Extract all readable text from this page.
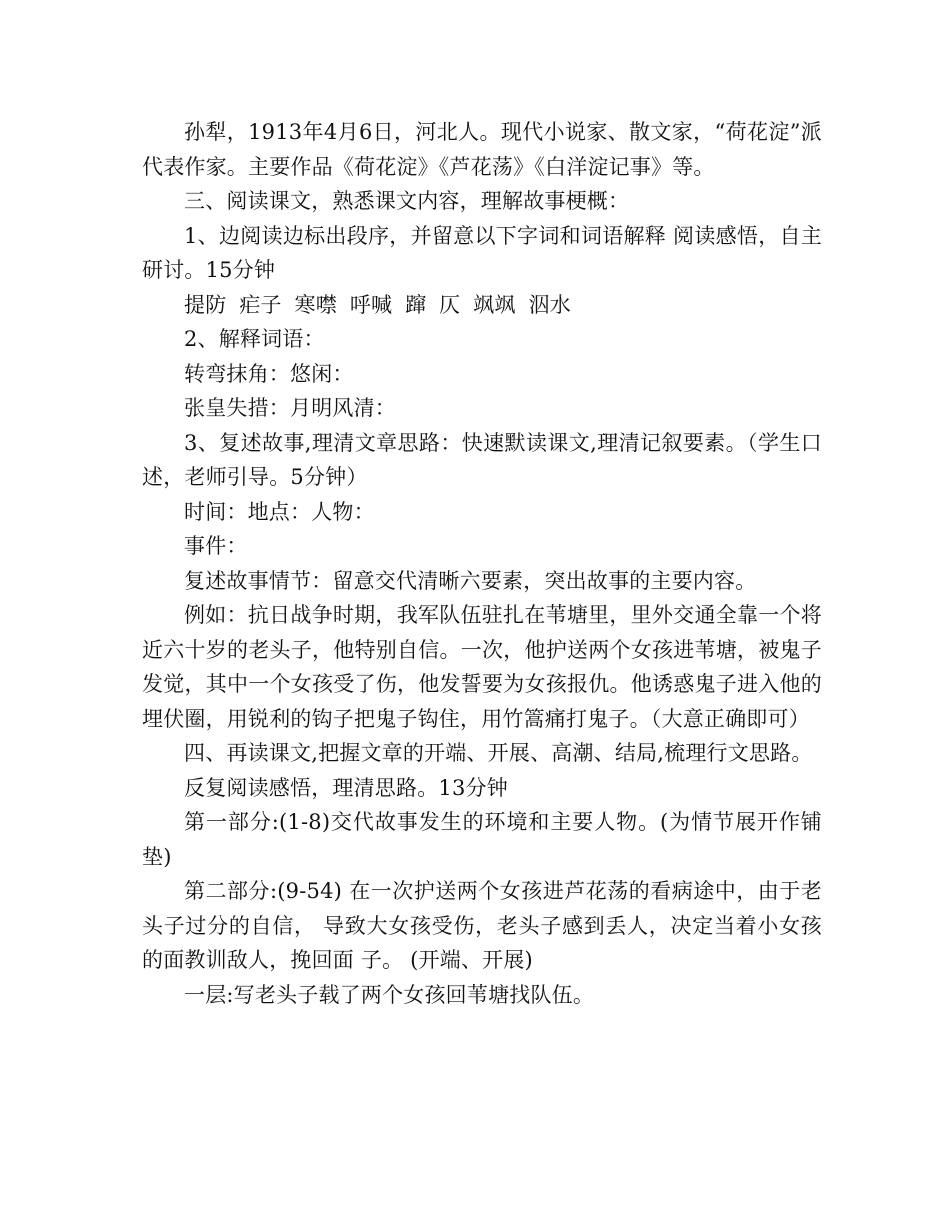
孙犁，1913年4月6日，河北人。现代小说家、散文家，“荷花淀”派代表作家。主要作品《荷花淀》《芦花荡》《白洋淀记事》等。

三、阅读课文，熟悉课文内容，理解故事梗概：

1、边阅读边标出段序，并留意以下字词和词语解释 阅读感悟，自主研讨。15分钟

提防 疟子 寒噤 呼喊 蹿 仄 飒飒 泅水

2、解释词语：

转弯抹角：悠闲：

张皇失措：月明风清：

3、复述故事,理清文章思路：快速默读课文,理清记叙要素。（学生口述，老师引导。5分钟）

时间：地点：人物：

事件：

复述故事情节：留意交代清晰六要素，突出故事的主要内容。

例如：抗日战争时期，我军队伍驻扎在苇塘里，里外交通全靠一个将近六十岁的老头子，他特别自信。一次，他护送两个女孩进苇塘，被鬼子发觉，其中一个女孩受了伤，他发誓要为女孩报仇。他诱惑鬼子进入他的埋伏圈，用锐利的钩子把鬼子钩住，用竹篙痛打鬼子。（大意正确即可）

四、再读课文,把握文章的开端、开展、高潮、结局,梳理行文思路。

反复阅读感悟，理清思路。13分钟

第一部分:(1-8)交代故事发生的环境和主要人物。(为情节展开作铺垫)

第二部分:(9-54) 在一次护送两个女孩进芦花荡的看病途中，由于老头子过分的自信， 导致大女孩受伤，老头子感到丢人，决定当着小女孩的面教训敌人，挽回面 子。 (开端、开展)

一层:写老头子载了两个女孩回苇塘找队伍。
